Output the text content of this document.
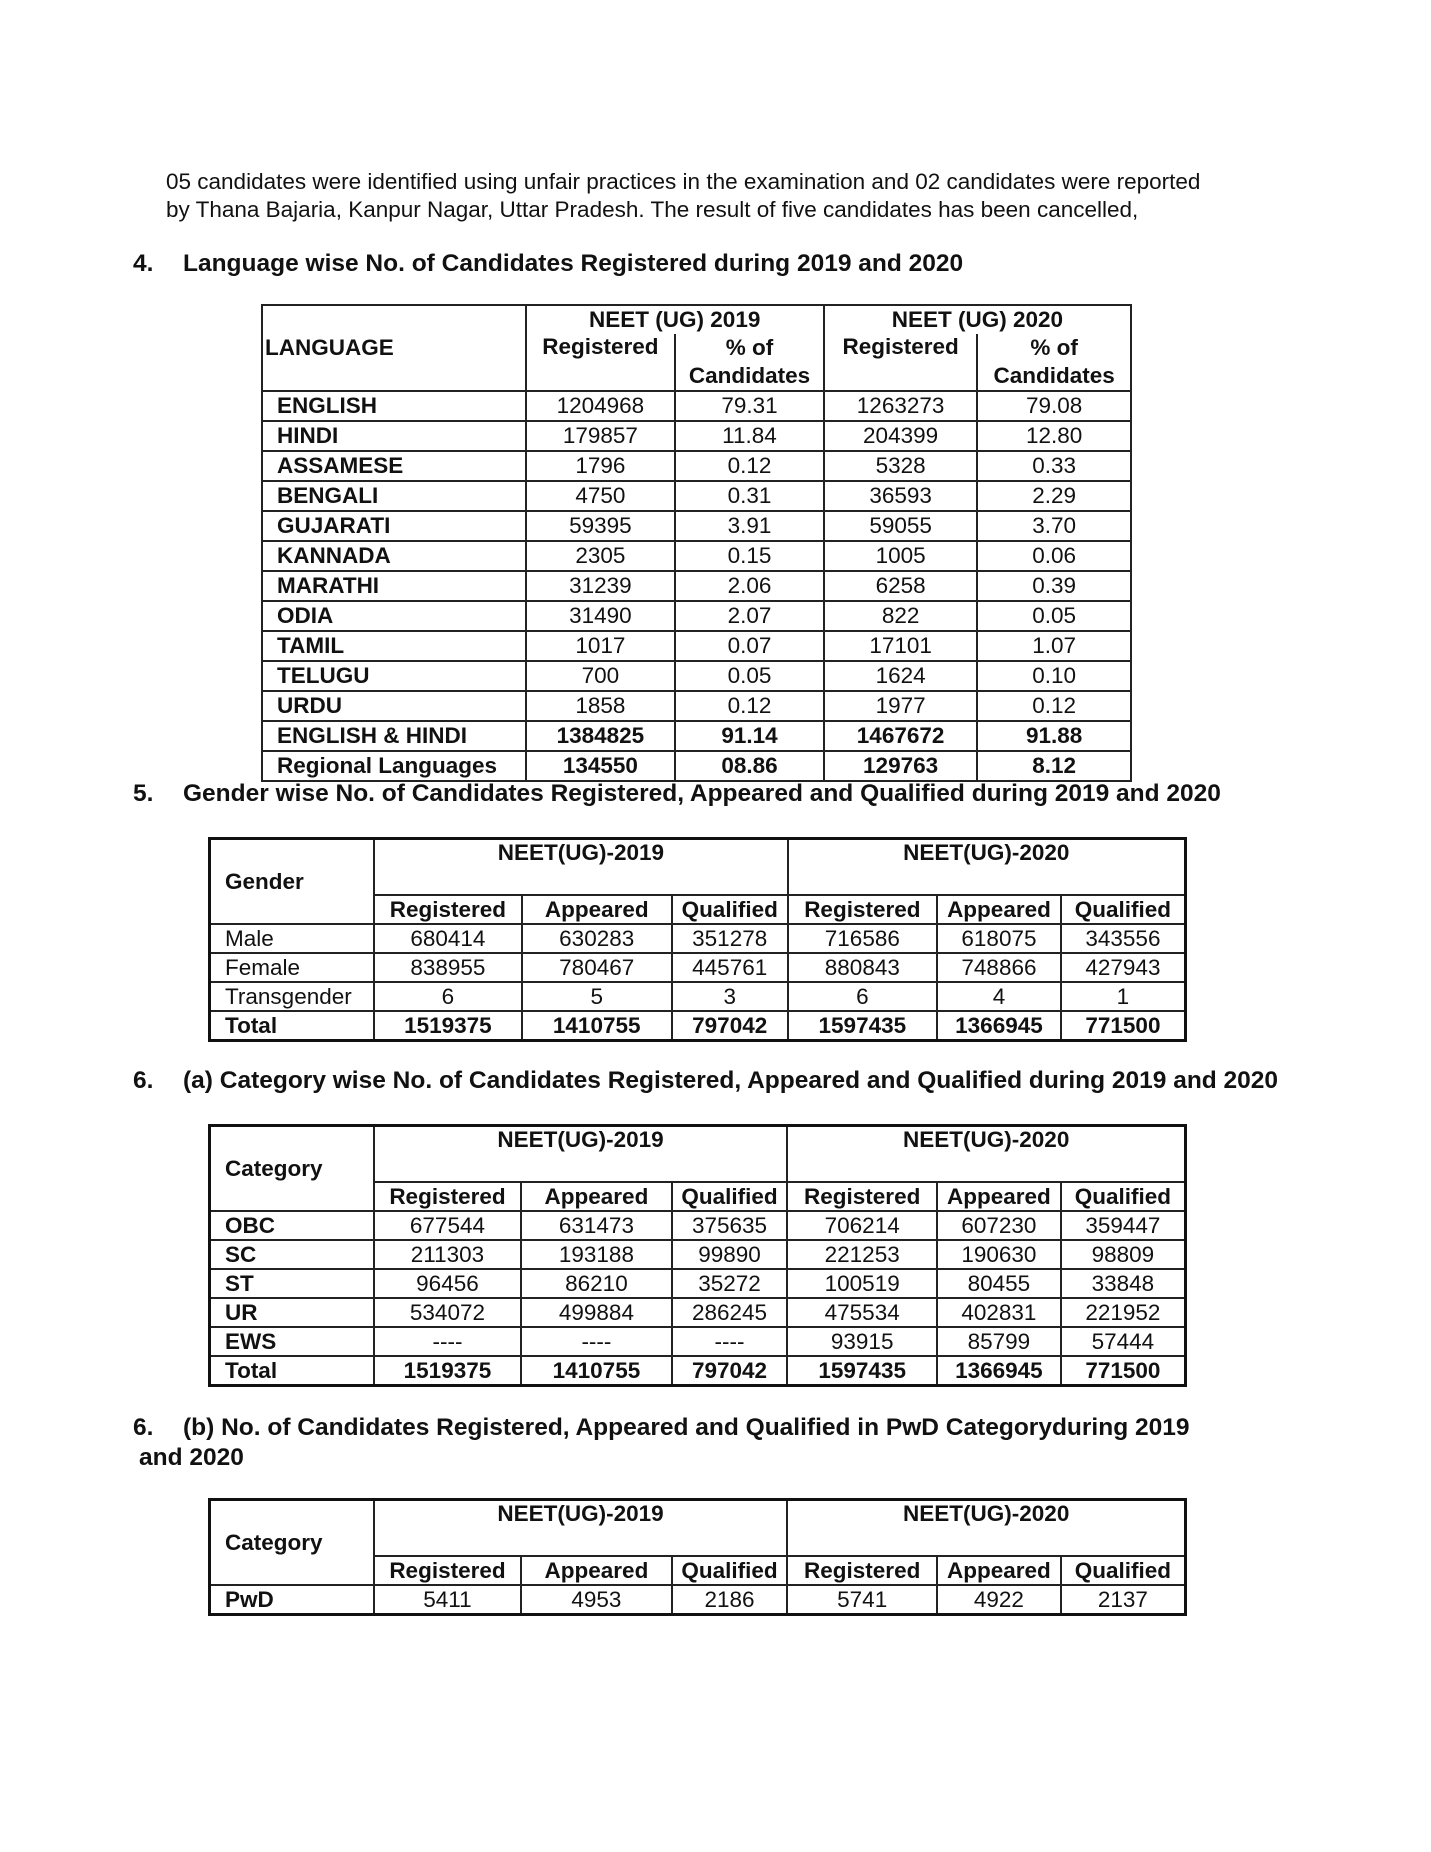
05 candidates were identified using unfair practices in the examination and 02 candidates were reported
by Thana Bajaria, Kanpur Nagar, Uttar Pradesh. The result of five candidates has been cancelled,
4. Language wise No. of Candidates Registered during 2019 and 2020
LANGUAGE	NEET (UG) 2019		NEET (UG) 2020	
	Registered	% of	Registered	% of
		Candidates		Candidates
ENGLISH	1204968	79.31	1263273	79.08
HINDI	179857	11.84	204399	12.80
ASSAMESE	1796	0.12	5328	0.33
BENGALI	4750	0.31	36593	2.29
GUJARATI	59395	3.91	59055	3.70
KANNADA	2305	0.15	1005	0.06
MARATHI	31239	2.06	6258	0.39
ODIA	31490	2.07	822	0.05
TAMIL	1017	0.07	17101	1.07
TELUGU	700	0.05	1624	0.10
URDU	1858	0.12	1977	0.12
ENGLISH & HINDI	1384825	91.14	1467672	91.88
Regional Languages	134550	08.86	129763	8.12
5. Gender wise No. of Candidates Registered, Appeared and Qualified during 2019 and 2020
Gender	NEET(UG)-2019			NEET(UG)-2020		
	Registered	Appeared	Qualified	Registered	Appeared	Qualified
Male	680414	630283	351278	716586	618075	343556
Female	838955	780467	445761	880843	748866	427943
Transgender	6	5	3	6	4	1
Total	1519375	1410755	797042	1597435	1366945	771500
6. (a) Category wise No. of Candidates Registered, Appeared and Qualified during 2019 and 2020
Category	NEET(UG)-2019			NEET(UG)-2020		
	Registered	Appeared	Qualified	Registered	Appeared	Qualified
OBC	677544	631473	375635	706214	607230	359447
SC	211303	193188	99890	221253	190630	98809
ST	96456	86210	35272	100519	80455	33848
UR	534072	499884	286245	475534	402831	221952
EWS	----	----	----	93915	85799	57444
Total	1519375	1410755	797042	1597435	1366945	771500
6. (b) No. of Candidates Registered, Appeared and Qualified in PwD Categoryduring 2019
and 2020
Category	NEET(UG)-2019			NEET(UG)-2020		
	Registered	Appeared	Qualified	Registered	Appeared	Qualified
PwD	5411	4953	2186	5741	4922	2137
